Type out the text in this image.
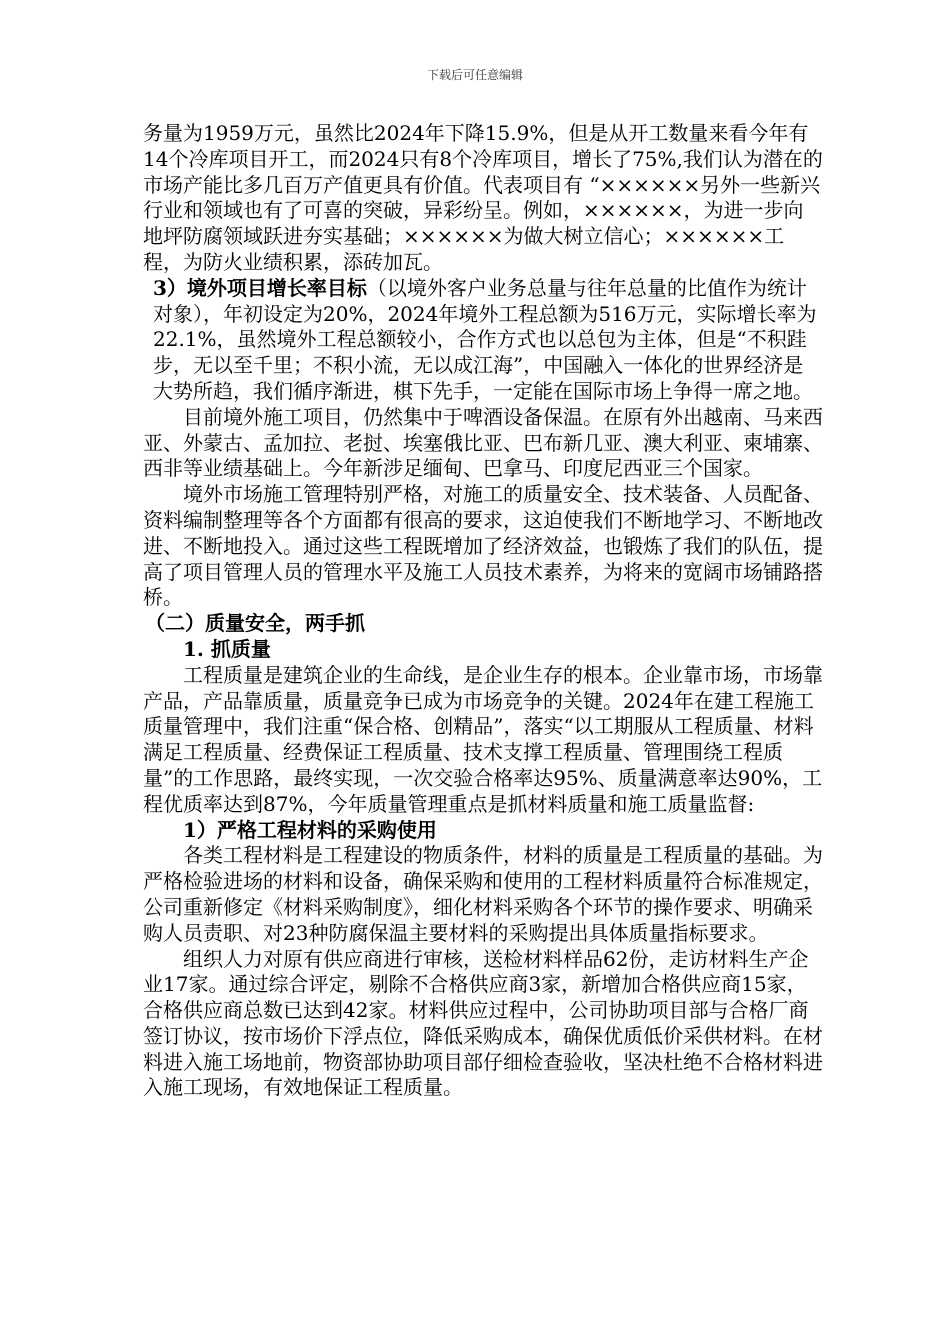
下载后可任意编辑

务量为1959万元，虽然比2024年下降15.9%，但是从开工数量来看今年有14个冷库项目开工，而2024只有8个冷库项目，增长了75%,我们认为潜在的市场产能比多几百万产值更具有价值。代表项目有 “××××××另外一些新兴行业和领域也有了可喜的突破，异彩纷呈。例如，××××××，为进一步向地坪防腐领域跃进夯实基础；××××××为做大树立信心；××××××工程，为防火业绩积累，添砖加瓦。

3）境外项目增长率目标（以境外客户业务总量与往年总量的比值作为统计对象），年初设定为20%，2024年境外工程总额为516万元，实际增长率为22.1%，虽然境外工程总额较小，合作方式也以总包为主体，但是“不积跬步，无以至千里；不积小流，无以成江海”，中国融入一体化的世界经济是大势所趋，我们循序渐进，棋下先手，一定能在国际市场上争得一席之地。

目前境外施工项目，仍然集中于啤酒设备保温。在原有外出越南、马来西亚、外蒙古、孟加拉、老挝、埃塞俄比亚、巴布新几亚、澳大利亚、柬埔寨、西非等业绩基础上。今年新涉足缅甸、巴拿马、印度尼西亚三个国家。

境外市场施工管理特别严格，对施工的质量安全、技术装备、人员配备、资料编制整理等各个方面都有很高的要求，这迫使我们不断地学习、不断地改进、不断地投入。通过这些工程既增加了经济效益，也锻炼了我们的队伍，提高了项目管理人员的管理水平及施工人员技术素养，为将来的宽阔市场铺路搭桥。

（二）质量安全，两手抓

1. 抓质量

工程质量是建筑企业的生命线，是企业生存的根本。企业靠市场，市场靠产品，产品靠质量，质量竞争已成为市场竞争的关键。2024年在建工程施工质量管理中，我们注重“保合格、创精品”，落实“以工期服从工程质量、材料满足工程质量、经费保证工程质量、技术支撑工程质量、管理围绕工程质量”的工作思路，最终实现，一次交验合格率达95%、质量满意率达90%，工程优质率达到87%，今年质量管理重点是抓材料质量和施工质量监督:

1）严格工程材料的采购使用

各类工程材料是工程建设的物质条件，材料的质量是工程质量的基础。为严格检验进场的材料和设备，确保采购和使用的工程材料质量符合标准规定，公司重新修定《材料采购制度》，细化材料采购各个环节的操作要求、明确采购人员责职、对23种防腐保温主要材料的采购提出具体质量指标要求。

组织人力对原有供应商进行审核，送检材料样品62份，走访材料生产企业17家。通过综合评定，剔除不合格供应商3家，新增加合格供应商15家，合格供应商总数已达到42家。材料供应过程中，公司协助项目部与合格厂商签订协议，按市场价下浮点位，降低采购成本，确保优质低价采供材料。在材料进入施工场地前，物资部协助项目部仔细检查验收，坚决杜绝不合格材料进入施工现场，有效地保证工程质量。
